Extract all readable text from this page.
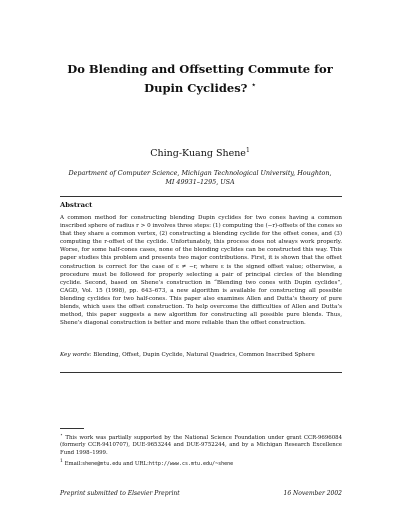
Do Blending and Offsetting Commute for
Dupin Cyclides? ⋆
Ching-Kuang Shene$^1$
Department of Computer Science, Michigan Technological University, Houghton,
MI 49931–1295, USA
Abstract
A common method for constructing blending Dupin cyclides for two cones having a common inscribed sphere of radius r > 0 involves three steps: (1) computing the (−r)-offsets of the cones so that they share a common vertex, (2) constructing a blending cyclide for the offset cones, and (3) computing the r-offset of the cyclide. Unfortunately, this process does not always work properly. Worse, for some half-cones cases, none of the blending cyclides can be constructed this way. This paper studies this problem and presents two major contributions. First, it is shown that the offset construction is correct for the case of ε ≠ −r, where ε is the signed offset value; otherwise, a procedure must be followed for properly selecting a pair of principal circles of the blending cyclide. Second, based on Shene’s construction in “Blending two cones with Dupin cyclides”, CAGD, Vol. 15 (1998), pp. 643–673, a new algorithm is available for constructing all possible blending cyclides for two half-cones. This paper also examines Allen and Dutta’s theory of pure blends, which uses the offset construction. To help overcome the difficulties of Allen and Dutta’s method, this paper suggests a new algorithm for constructing all possible pure blends. Thus, Shene’s diagonal construction is better and more reliable than the offset construction.
Key words: Blending, Offset, Dupin Cyclide, Natural Quadrics, Common Inscribed Sphere
⋆ This work was partially supported by the National Science Foundation under grant CCR-9696084 (formerly CCR-9410707), DUE-9653244 and DUE-9752244, and by a Michigan Research Excellence Fund 1998–1999.
$^1$ Email:shene@mtu.edu and URL:http://www.cs.mtu.edu/~shene
Preprint submitted to Elsevier Preprint	16 November 2002
